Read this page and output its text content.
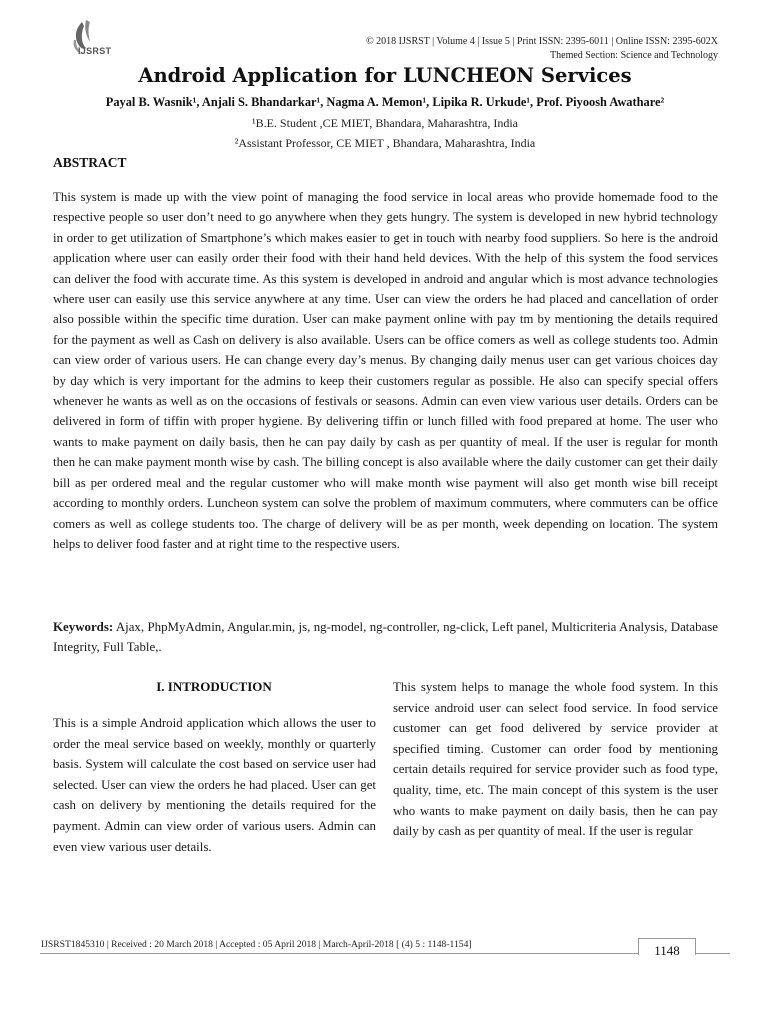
IJSRST
© 2018 IJSRST | Volume 4 | Issue 5 | Print ISSN: 2395-6011 | Online ISSN: 2395-602X
Themed Section: Science and Technology
Android Application for LUNCHEON Services
Payal B. Wasnik¹, Anjali S. Bhandarkar¹, Nagma A. Memon¹, Lipika R. Urkude¹, Prof. Piyoosh Awathare²
¹B.E. Student ,CE MIET, Bhandara, Maharashtra, India
²Assistant Professor, CE MIET , Bhandara, Maharashtra, India
ABSTRACT

This system is made up with the view point of managing the food service in local areas who provide homemade food to the respective people so user don’t need to go anywhere when they gets hungry. The system is developed in new hybrid technology in order to get utilization of Smartphone’s which makes easier to get in touch with nearby food suppliers. So here is the android application where user can easily order their food with their hand held devices. With the help of this system the food services can deliver the food with accurate time. As this system is developed in android and angular which is most advance technologies where user can easily use this service anywhere at any time. User can view the orders he had placed and cancellation of order also possible within the specific time duration. User can make payment online with pay tm by mentioning the details required for the payment as well as Cash on delivery is also available. Users can be office comers as well as college students too. Admin can view order of various users. He can change every day’s menus. By changing daily menus user can get various choices day by day which is very important for the admins to keep their customers regular as possible. He also can specify special offers whenever he wants as well as on the occasions of festivals or seasons. Admin can even view various user details. Orders can be delivered in form of tiffin with proper hygiene. By delivering tiffin or lunch filled with food prepared at home. The user who wants to make payment on daily basis, then he can pay daily by cash as per quantity of meal. If the user is regular for month then he can make payment month wise by cash. The billing concept is also available where the daily customer can get their daily bill as per ordered meal and the regular customer who will make month wise payment will also get month wise bill receipt according to monthly orders. Luncheon system can solve the problem of maximum commuters, where commuters can be office comers as well as college students too. The charge of delivery will be as per month, week depending on location. The system helps to deliver food faster and at right time to the respective users.

Keywords: Ajax, PhpMyAdmin, Angular.min, js, ng-model, ng-controller, ng-click, Left panel, Multicriteria Analysis, Database Integrity, Full Table,.

I. INTRODUCTION

This is a simple Android application which allows the user to order the meal service based on weekly, monthly or quarterly basis. System will calculate the cost based on service user had selected. User can view the orders he had placed. User can get cash on delivery by mentioning the details required for the payment. Admin can view order of various users. Admin can even view various user details.

This system helps to manage the whole food system. In this service android user can select food service. In food service customer can get food delivered by service provider at specified timing. Customer can order food by mentioning certain details required for service provider such as food type, quality, time, etc. The main concept of this system is the user who wants to make payment on daily basis, then he can pay daily by cash as per quantity of meal. If the user is regular

IJSRST1845310 | Received : 20 March 2018 | Accepted : 05 April 2018 | March-April-2018 [ (4) 5 : 1148-1154]	1148
